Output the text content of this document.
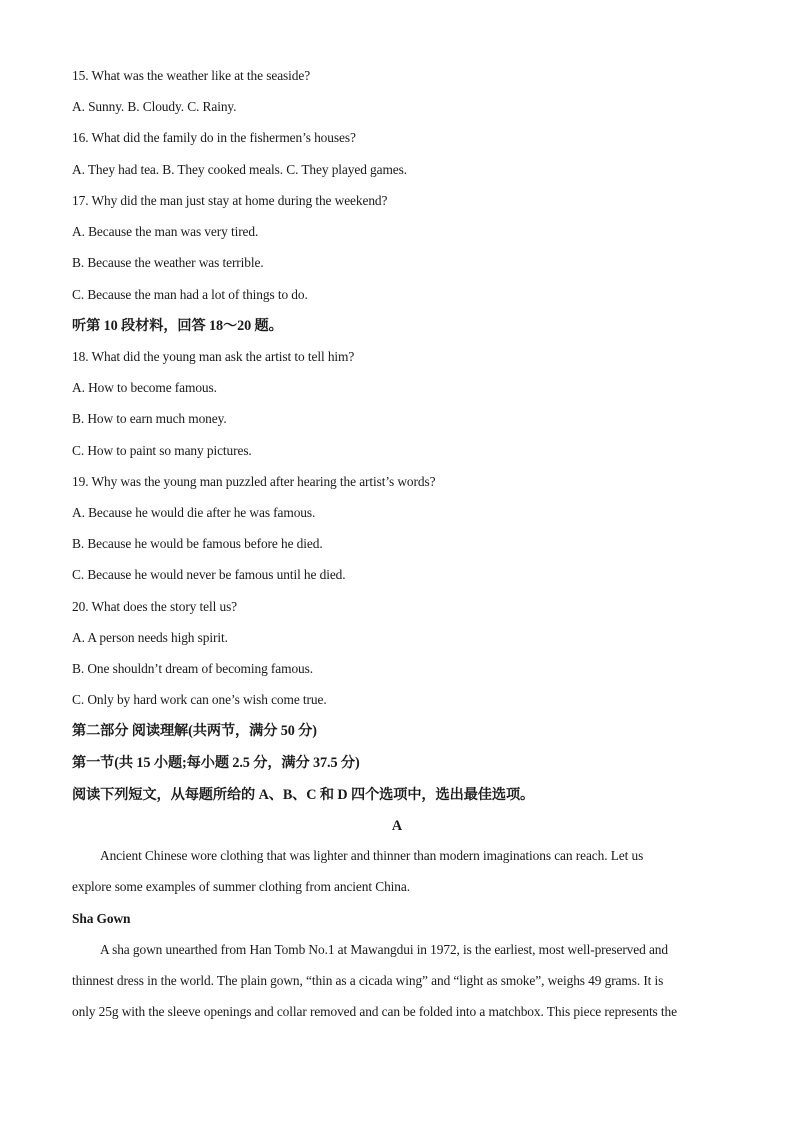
15. What was the weather like at the seaside?
A. Sunny. B. Cloudy. C. Rainy.
16. What did the family do in the fishermen’s houses?
A. They had tea. B. They cooked meals. C. They played games.
17. Why did the man just stay at home during the weekend?
A. Because the man was very tired.
B. Because the weather was terrible.
C. Because the man had a lot of things to do.
听第 10 段材料，回答 18～20 题。
18. What did the young man ask the artist to tell him?
A. How to become famous.
B. How to earn much money.
C. How to paint so many pictures.
19. Why was the young man puzzled after hearing the artist’s words?
A. Because he would die after he was famous.
B. Because he would be famous before he died.
C. Because he would never be famous until he died.
20. What does the story tell us?
A. A person needs high spirit.
B. One shouldn’t dream of becoming famous.
C. Only by hard work can one’s wish come true.
第二部分 阅读理解(共两节，满分 50 分)
第一节(共 15 小题;每小题 2.5 分，满分 37.5 分)
阅读下列短文，从每题所给的 A、B、C 和 D 四个选项中，选出最佳选项。
A
Ancient Chinese wore clothing that was lighter and thinner than modern imaginations can reach. Let us
explore some examples of summer clothing from ancient China.
Sha Gown
A sha gown unearthed from Han Tomb No.1 at Mawangdui in 1972, is the earliest, most well-preserved and
thinnest dress in the world. The plain gown, “thin as a cicada wing” and “light as smoke”, weighs 49 grams. It is
only 25g with the sleeve openings and collar removed and can be folded into a matchbox. This piece represents the
